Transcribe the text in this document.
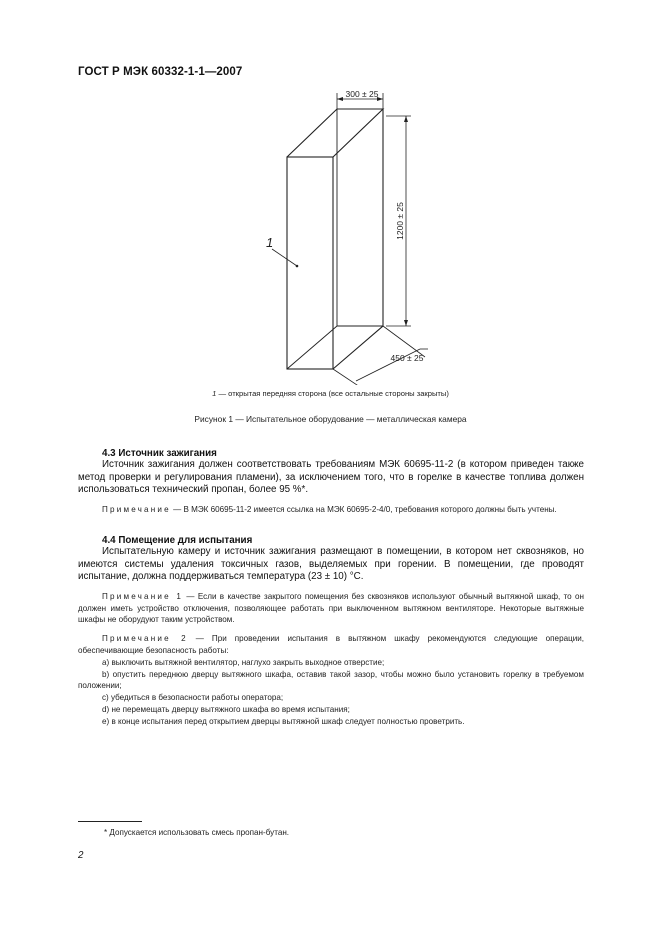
ГОСТ Р МЭК 60332-1-1—2007
300 ± 25
1200 ± 25
450 ± 25
1
1 — открытая передняя сторона (все остальные стороны закрыты)
Рисунок 1 — Испытательное оборудование — металлическая камера
4.3 Источник зажигания
Источник зажигания должен соответствовать требованиям МЭК 60695-11-2 (в котором приведен также метод проверки и регулирования пламени), за исключением того, что в горелке в качестве топлива должен использоваться технический пропан, более 95 %*.
Примечание — В МЭК 60695-11-2 имеется ссылка на МЭК 60695-2-4/0, требования которого должны быть учтены.
4.4 Помещение для испытания
Испытательную камеру и источник зажигания размещают в помещении, в котором нет сквозняков, но имеются системы удаления токсичных газов, выделяемых при горении. В помещении, где проводят испытание, должна поддерживаться температура (23 ± 10) °С.
Примечание 1 — Если в качестве закрытого помещения без сквозняков используют обычный вытяжной шкаф, то он должен иметь устройство отключения, позволяющее работать при выключенном вытяжном вентиляторе. Некоторые вытяжные шкафы не оборудуют таким устройством.
Примечание 2 — При проведении испытания в вытяжном шкафу рекомендуются следующие операции, обеспечивающие безопасность работы:
a) выключить вытяжной вентилятор, наглухо закрыть выходное отверстие;
b) опустить переднюю дверцу вытяжного шкафа, оставив такой зазор, чтобы можно было установить горелку в требуемом положении;
c) убедиться в безопасности работы оператора;
d) не перемещать дверцу вытяжного шкафа во время испытания;
e) в конце испытания перед открытием дверцы вытяжной шкаф следует полностью проветрить.
* Допускается использовать смесь пропан-бутан.
2
